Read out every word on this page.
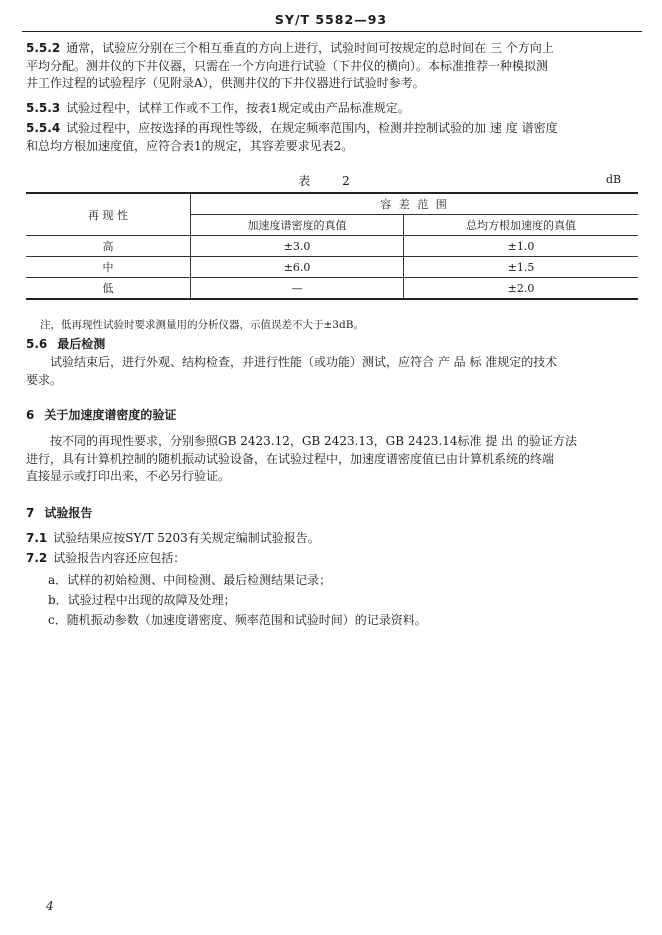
SY/T 5582—93
5.5.2 通常，试验应分别在三个相互垂直的方向上进行，试验时间可按规定的总时间在 三 个方向上
平均分配。测井仪的下井仪器，只需在一个方向进行试验（下井仪的横向）。本标准推荐一种模拟测
井工作过程的试验程序（见附录A），供测井仪的下井仪器进行试验时参考。
5.5.3 试验过程中，试样工作或不工作，按表1规定或由产品标准规定。
5.5.4 试验过程中，应按选择的再现性等级，在规定频率范围内，检测并控制试验的加 速 度 谱密度
和总均方根加速度值，应符合表1的规定，其容差要求见表2。
表 2	dB
再 现 性	容 差 范 围	
	加速度谱密度的真值	总均方根加速度的真值
高	±3.0	±1.0
中	±6.0	±1.5
低	—	±2.0
注，低再现性试验时要求测量用的分析仪器，示值误差不大于±3dB。
5.6 最后检测
试验结束后，进行外观、结构检查，并进行性能（或功能）测试，应符合 产 品 标 准规定的技术
要求。
6 关于加速度谱密度的验证
按不同的再现性要求，分别参照GB 2423.12，GB 2423.13，GB 2423.14标准 提 出 的验证方法
进行，具有计算机控制的随机振动试验设备，在试验过程中，加速度谱密度值已由计算机系统的终端
直接显示或打印出来，不必另行验证。
7 试验报告
7.1 试验结果应按SY/T 5203有关规定编制试验报告。
7.2 试验报告内容还应包括：
a．试样的初始检测、中间检测、最后检测结果记录；
b．试验过程中出现的故障及处理；
c．随机振动参数（加速度谱密度、频率范围和试验时间）的记录资料。
4
